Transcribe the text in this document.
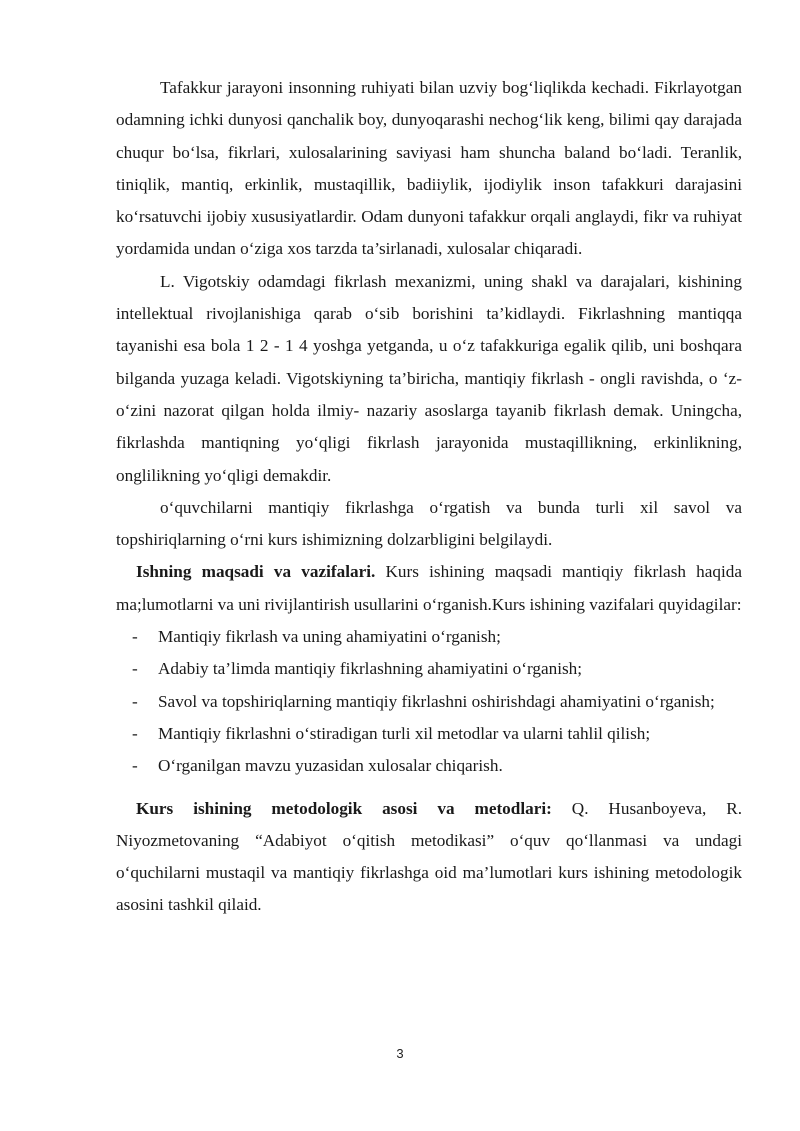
Tafakkur jarayoni insonning ruhiyati bilan uzviy bog‘liqlikda kechadi. Fikrlayotgan odamning ichki dunyosi qanchalik boy, dunyoqarashi nechog‘lik keng, bilimi qay darajada chuqur bo‘lsa, fikrlari, xulosalarining saviyasi ham shuncha baland bo‘ladi. Teranlik, tiniqlik, mantiq, erkinlik, mustaqillik, badiiylik, ijodiylik inson tafakkuri darajasini ko‘rsatuvchi ijobiy xususiyatlardir. Odam dunyoni tafakkur orqali anglaydi, fikr va ruhiyat yordamida undan o‘ziga xos tarzda ta’sirlanadi, xulosalar chiqaradi.

L. Vigotskiy odamdagi fikrlash mexanizmi, uning shakl va darajalari, kishining intellektual rivojlanishiga qarab o‘sib borishini ta’kidlaydi. Fikrlashning mantiqqa tayanishi esa bola 1 2 - 1 4 yoshga yetganda, u o‘z tafakkuriga egalik qilib, uni boshqara bilganda yuzaga keladi. Vigotskiyning ta’biricha, mantiqiy fikrlash - ongli ravishda, o ‘z-o‘zini nazorat qilgan holda ilmiy- nazariy asoslarga tayanib fikrlash demak. Uningcha, fikrlashda mantiqning yo‘qligi fikrlash jarayonida mustaqillikning, erkinlikning, onglilikning yo‘qligi demakdir.

o‘quvchilarni mantiqiy fikrlashga o‘rgatish va bunda turli xil savol va topshiriqlarning o‘rni kurs ishimizning dolzarbligini belgilaydi.

Ishning maqsadi va vazifalari. Kurs ishining maqsadi mantiqiy fikrlash haqida ma;lumotlarni va uni rivijlantirish usullarini o‘rganish.Kurs ishining vazifalari quyidagilar:

- Mantiqiy fikrlash va uning ahamiyatini o‘rganish;
- Adabiy ta’limda mantiqiy fikrlashning ahamiyatini o‘rganish;
- Savol va topshiriqlarning mantiqiy fikrlashni oshirishdagi ahamiyatini o‘rganish;
- Mantiqiy fikrlashni o‘stiradigan turli xil metodlar va ularni tahlil qilish;
- O‘rganilgan mavzu yuzasidan xulosalar chiqarish.

Kurs ishining metodologik asosi va metodlari: Q. Husanboyeva, R. Niyozmetovaning “Adabiyot o‘qitish metodikasi” o‘quv qo‘llanmasi va undagi o‘quchilarni mustaqil va mantiqiy fikrlashga oid ma’lumotlari kurs ishining metodologik asosini tashkil qilaid.

3
